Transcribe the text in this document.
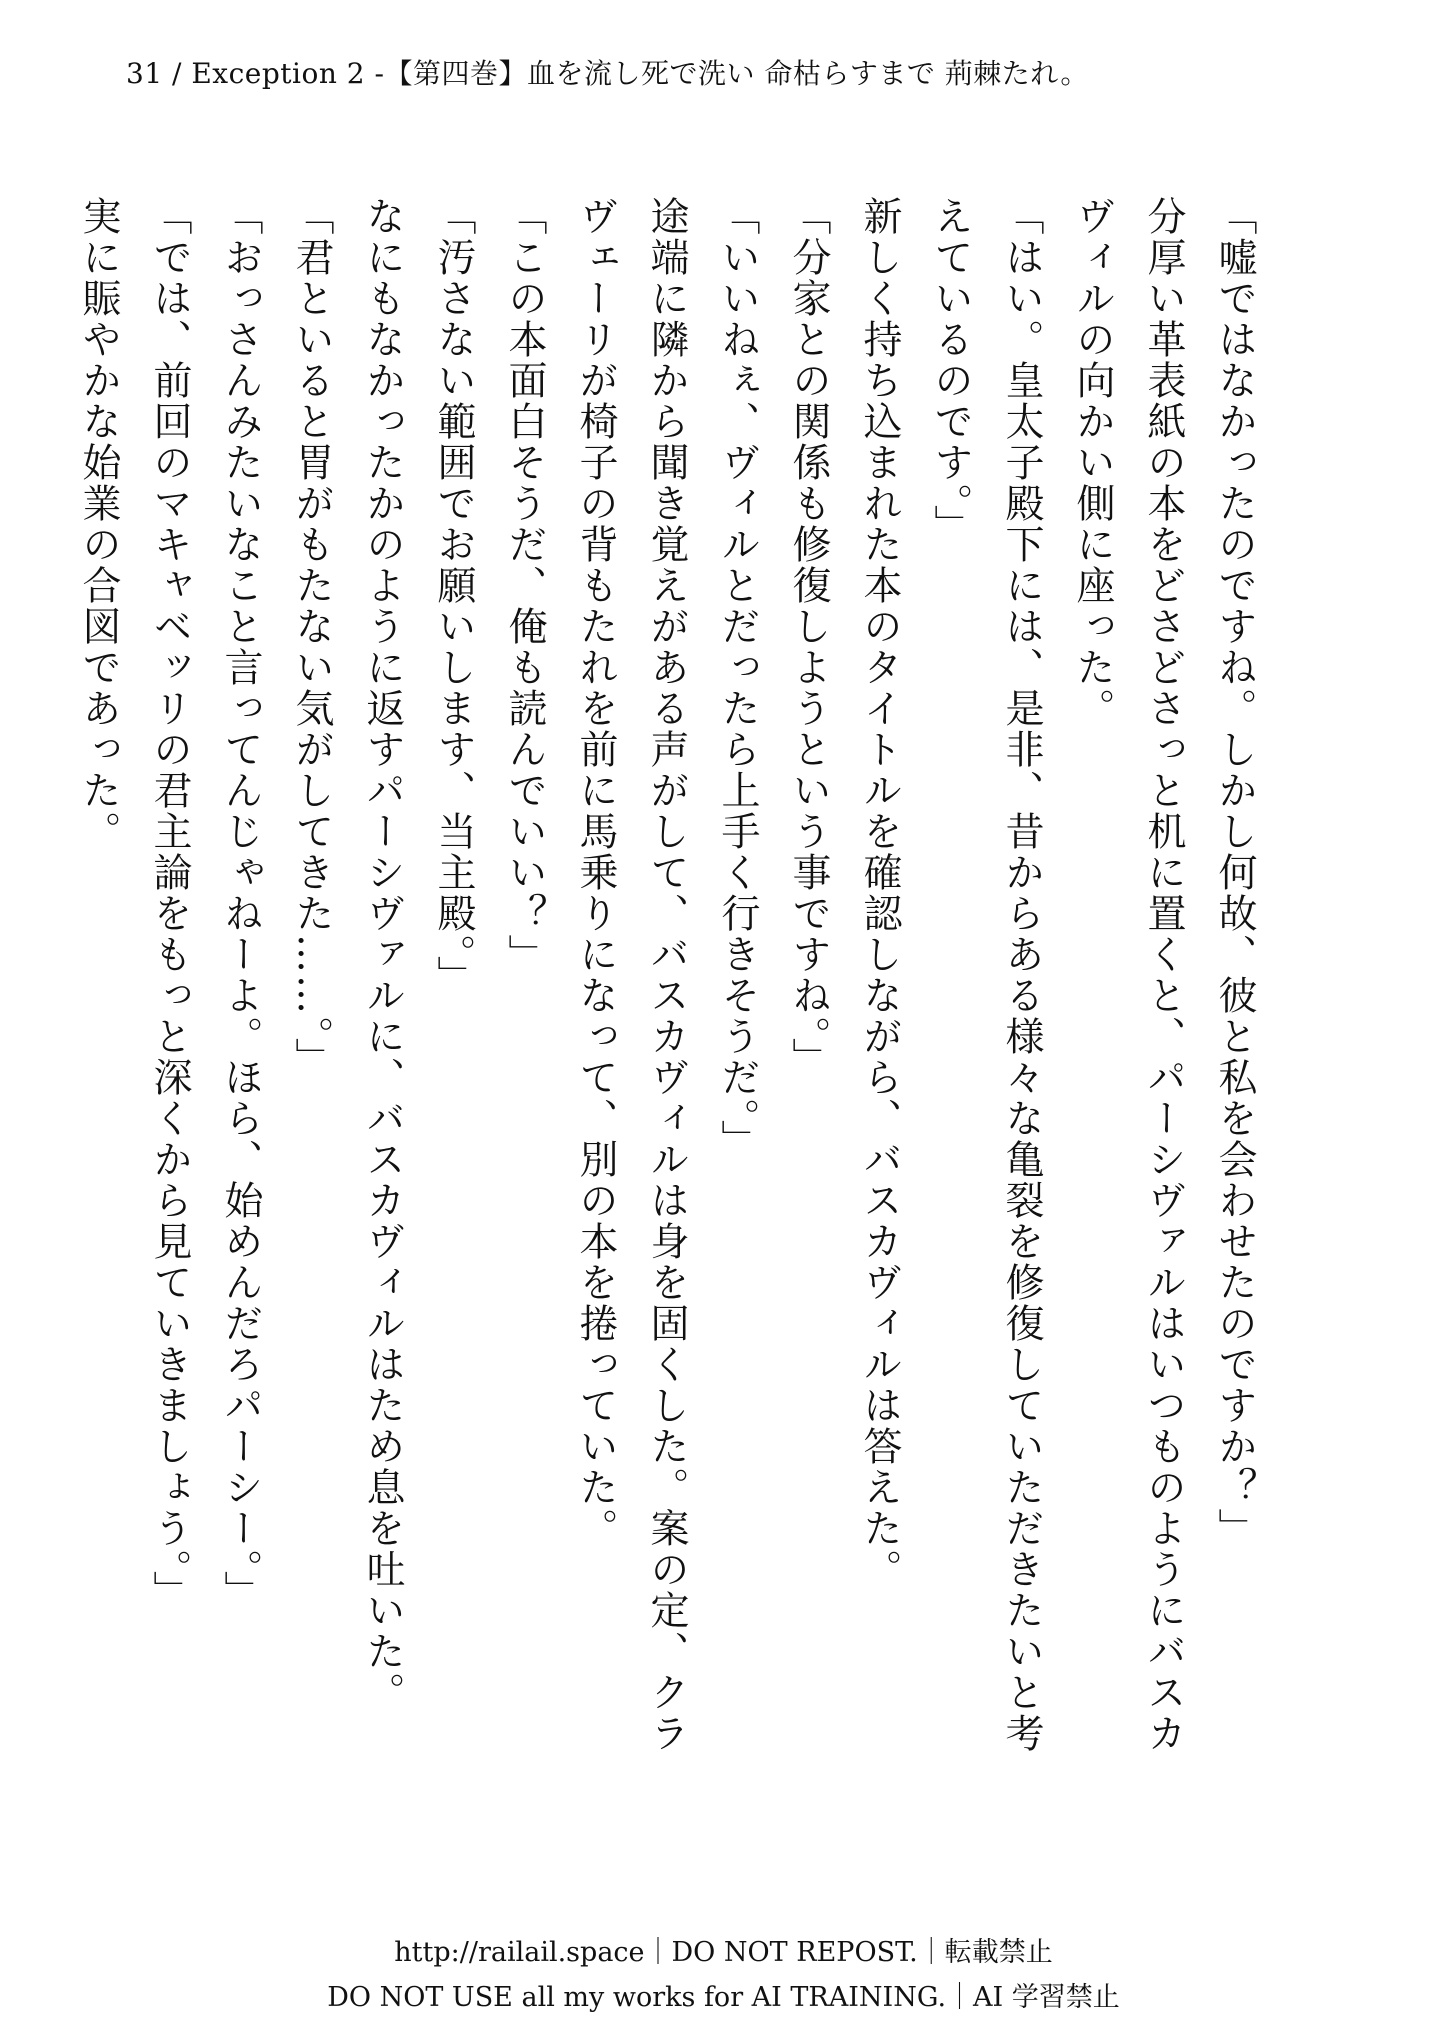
31 / Exception 2 -【第四巻】血を流し死で洗い 命枯らすまで 荊棘たれ。

「嘘ではなかったのですね。しかし何故、彼と私を会わせたのですか？」

分厚い革表紙の本をどさどさっと机に置くと、パーシヴァルはいつものようにバスカヴィルの向かい側に座った。

「はい。皇太子殿下には、是非、昔からある様々な亀裂を修復していただきたいと考えているのです。」

新しく持ち込まれた本のタイトルを確認しながら、バスカヴィルは答えた。

「分家との関係も修復しようという事ですね。」

「いいねぇ、ヴィルとだったら上手く行きそうだ。」

途端に隣から聞き覚えがある声がして、バスカヴィルは身を固くした。案の定、クラヴェーリが椅子の背もたれを前に馬乗りになって、別の本を捲っていた。

「この本面白そうだ、俺も読んでいい？」

「汚さない範囲でお願いします、当主殿。」

なにもなかったかのように返すパーシヴァルに、バスカヴィルはため息を吐いた。

「君といると胃がもたない気がしてきた……。」

「おっさんみたいなこと言ってんじゃねーよ。ほら、始めんだろパーシー。」

「では、前回のマキャベッリの君主論をもっと深くから見ていきましょう。」

実に賑やかな始業の合図であった。

http://railail.space｜DO NOT REPOST.｜転載禁止
DO NOT USE all my works for AI TRAINING.｜AI 学習禁止
